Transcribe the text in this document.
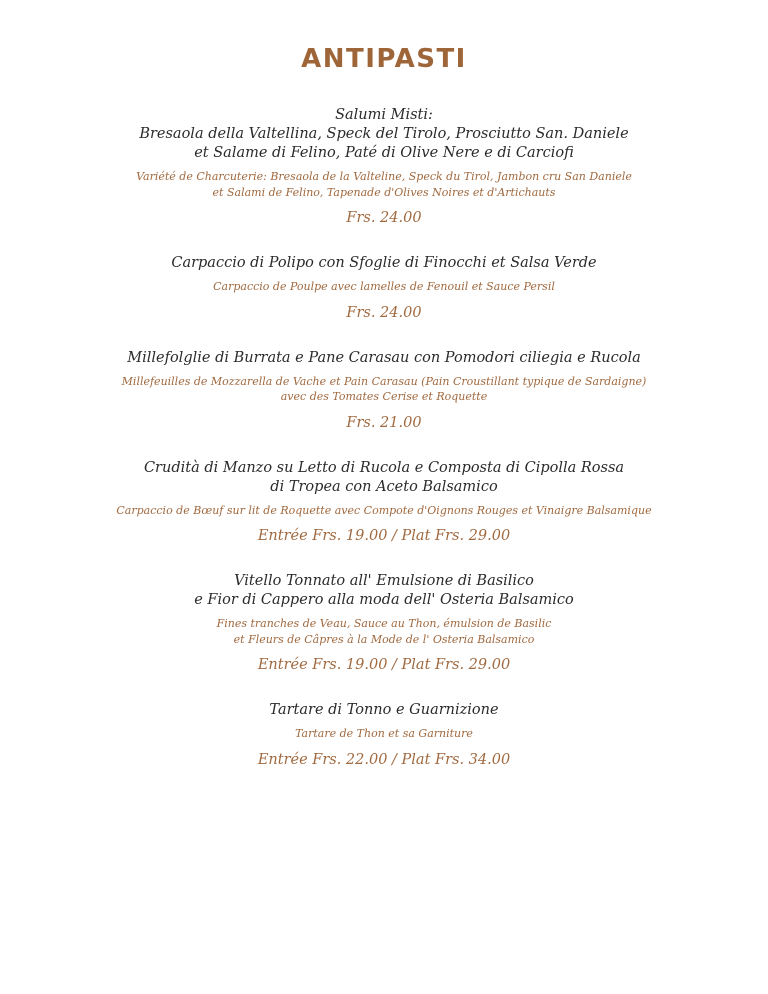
ANTIPASTI
Salumi Misti:
Bresaola della Valtellina, Speck del Tirolo, Prosciutto San. Daniele
et Salame di Felino, Paté di Olive Nere e di Carciofi
Variété de Charcuterie: Bresaola de la Valteline, Speck du Tirol, Jambon cru San Daniele
et Salami de Felino, Tapenade d'Olives Noires et d'Artichauts
Frs. 24.00
Carpaccio di Polipo con Sfoglie di Finocchi et Salsa Verde
Carpaccio de Poulpe avec lamelles de Fenouil et Sauce Persil
Frs. 24.00
Millefolglie di Burrata e Pane Carasau con Pomodori ciliegia e Rucola
Millefeuilles de Mozzarella de Vache et Pain Carasau (Pain Croustillant typique de Sardaigne)
avec des Tomates Cerise et Roquette
Frs. 21.00
Crudità di Manzo su Letto di Rucola e Composta di Cipolla Rossa
di Tropea con Aceto Balsamico
Carpaccio de Bœuf sur lit de Roquette avec Compote d'Oignons Rouges et Vinaigre Balsamique
Entrée Frs. 19.00 / Plat Frs. 29.00
Vitello Tonnato all' Emulsione di Basilico
e Fior di Cappero alla moda dell' Osteria Balsamico
Fines tranches de Veau, Sauce au Thon, émulsion de Basilic
et Fleurs de Câpres à la Mode de l' Osteria Balsamico
Entrée Frs. 19.00 / Plat Frs. 29.00
Tartare di Tonno e Guarnizione
Tartare de Thon et sa Garniture
Entrée Frs. 22.00 / Plat Frs. 34.00
